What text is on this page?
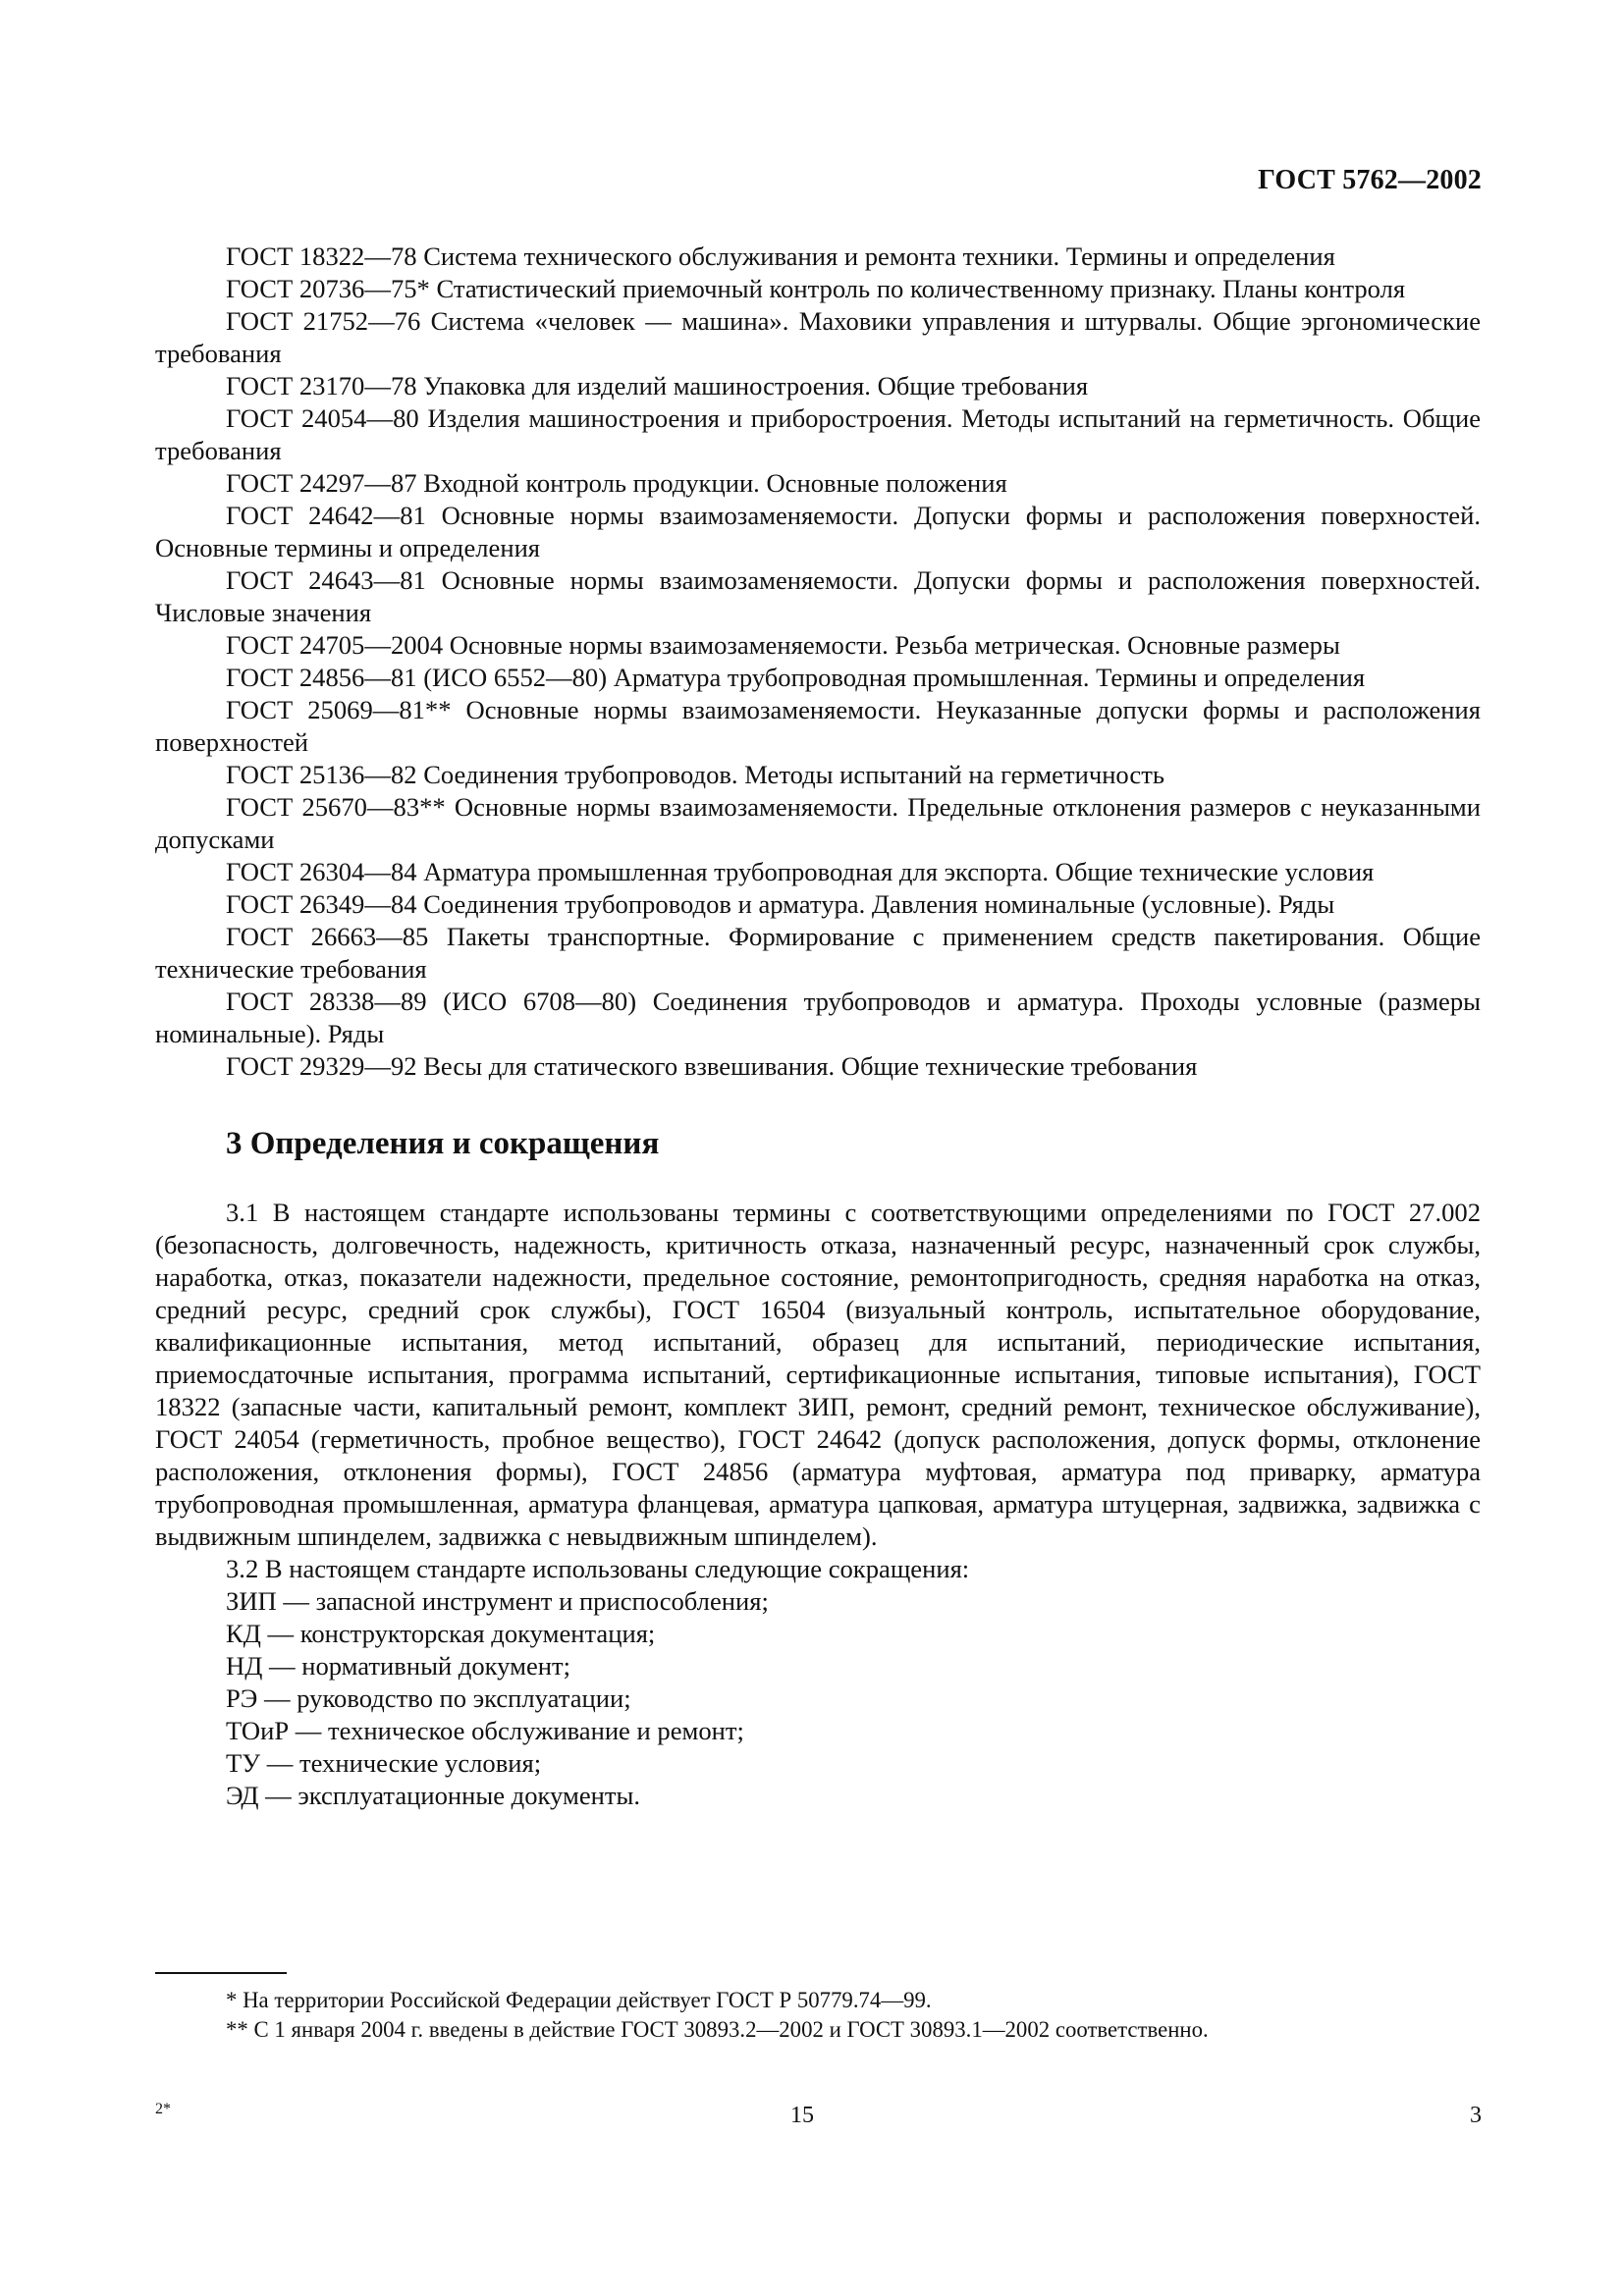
ГОСТ 5762—2002

ГОСТ 18322—78 Система технического обслуживания и ремонта техники. Термины и определения

ГОСТ 20736—75* Статистический приемочный контроль по количественному признаку. Планы контроля

ГОСТ 21752—76 Система «человек — машина». Маховики управления и штурвалы. Общие эргономические требования

ГОСТ 23170—78 Упаковка для изделий машиностроения. Общие требования

ГОСТ 24054—80 Изделия машиностроения и приборостроения. Методы испытаний на герметичность. Общие требования

ГОСТ 24297—87 Входной контроль продукции. Основные положения

ГОСТ 24642—81 Основные нормы взаимозаменяемости. Допуски формы и расположения поверхностей. Основные термины и определения

ГОСТ 24643—81 Основные нормы взаимозаменяемости. Допуски формы и расположения поверхностей. Числовые значения

ГОСТ 24705—2004 Основные нормы взаимозаменяемости. Резьба метрическая. Основные размеры

ГОСТ 24856—81 (ИСО 6552—80) Арматура трубопроводная промышленная. Термины и определения

ГОСТ 25069—81** Основные нормы взаимозаменяемости. Неуказанные допуски формы и расположения поверхностей

ГОСТ 25136—82 Соединения трубопроводов. Методы испытаний на герметичность

ГОСТ 25670—83** Основные нормы взаимозаменяемости. Предельные отклонения размеров с неуказанными допусками

ГОСТ 26304—84 Арматура промышленная трубопроводная для экспорта. Общие технические условия

ГОСТ 26349—84 Соединения трубопроводов и арматура. Давления номинальные (условные). Ряды

ГОСТ 26663—85 Пакеты транспортные. Формирование с применением средств пакетирования. Общие технические требования

ГОСТ 28338—89 (ИСО 6708—80) Соединения трубопроводов и арматура. Проходы условные (размеры номинальные). Ряды

ГОСТ 29329—92 Весы для статического взвешивания. Общие технические требования

3 Определения и сокращения

3.1 В настоящем стандарте использованы термины с соответствующими определениями по ГОСТ 27.002 (безопасность, долговечность, надежность, критичность отказа, назначенный ресурс, назначенный срок службы, наработка, отказ, показатели надежности, предельное состояние, ремонтопригодность, средняя наработка на отказ, средний ресурс, средний срок службы), ГОСТ 16504 (визуальный контроль, испытательное оборудование, квалификационные испытания, метод испытаний, образец для испытаний, периодические испытания, приемосдаточные испытания, программа испытаний, сертификационные испытания, типовые испытания), ГОСТ 18322 (запасные части, капитальный ремонт, комплект ЗИП, ремонт, средний ремонт, техническое обслуживание), ГОСТ 24054 (герметичность, пробное вещество), ГОСТ 24642 (допуск расположения, допуск формы, отклонение расположения, отклонения формы), ГОСТ 24856 (арматура муфтовая, арматура под приварку, арматура трубопроводная промышленная, арматура фланцевая, арматура цапковая, арматура штуцерная, задвижка, задвижка с выдвижным шпинделем, задвижка с невыдвижным шпинделем).

3.2 В настоящем стандарте использованы следующие сокращения:

ЗИП — запасной инструмент и приспособления;

КД — конструкторская документация;

НД — нормативный документ;

РЭ — руководство по эксплуатации;

ТОиР — техническое обслуживание и ремонт;

ТУ — технические условия;

ЭД — эксплуатационные документы.

* На территории Российской Федерации действует ГОСТ Р 50779.74—99.

** С 1 января 2004 г. введены в действие ГОСТ 30893.2—2002 и ГОСТ 30893.1—2002 соответственно.

2*	15	3
